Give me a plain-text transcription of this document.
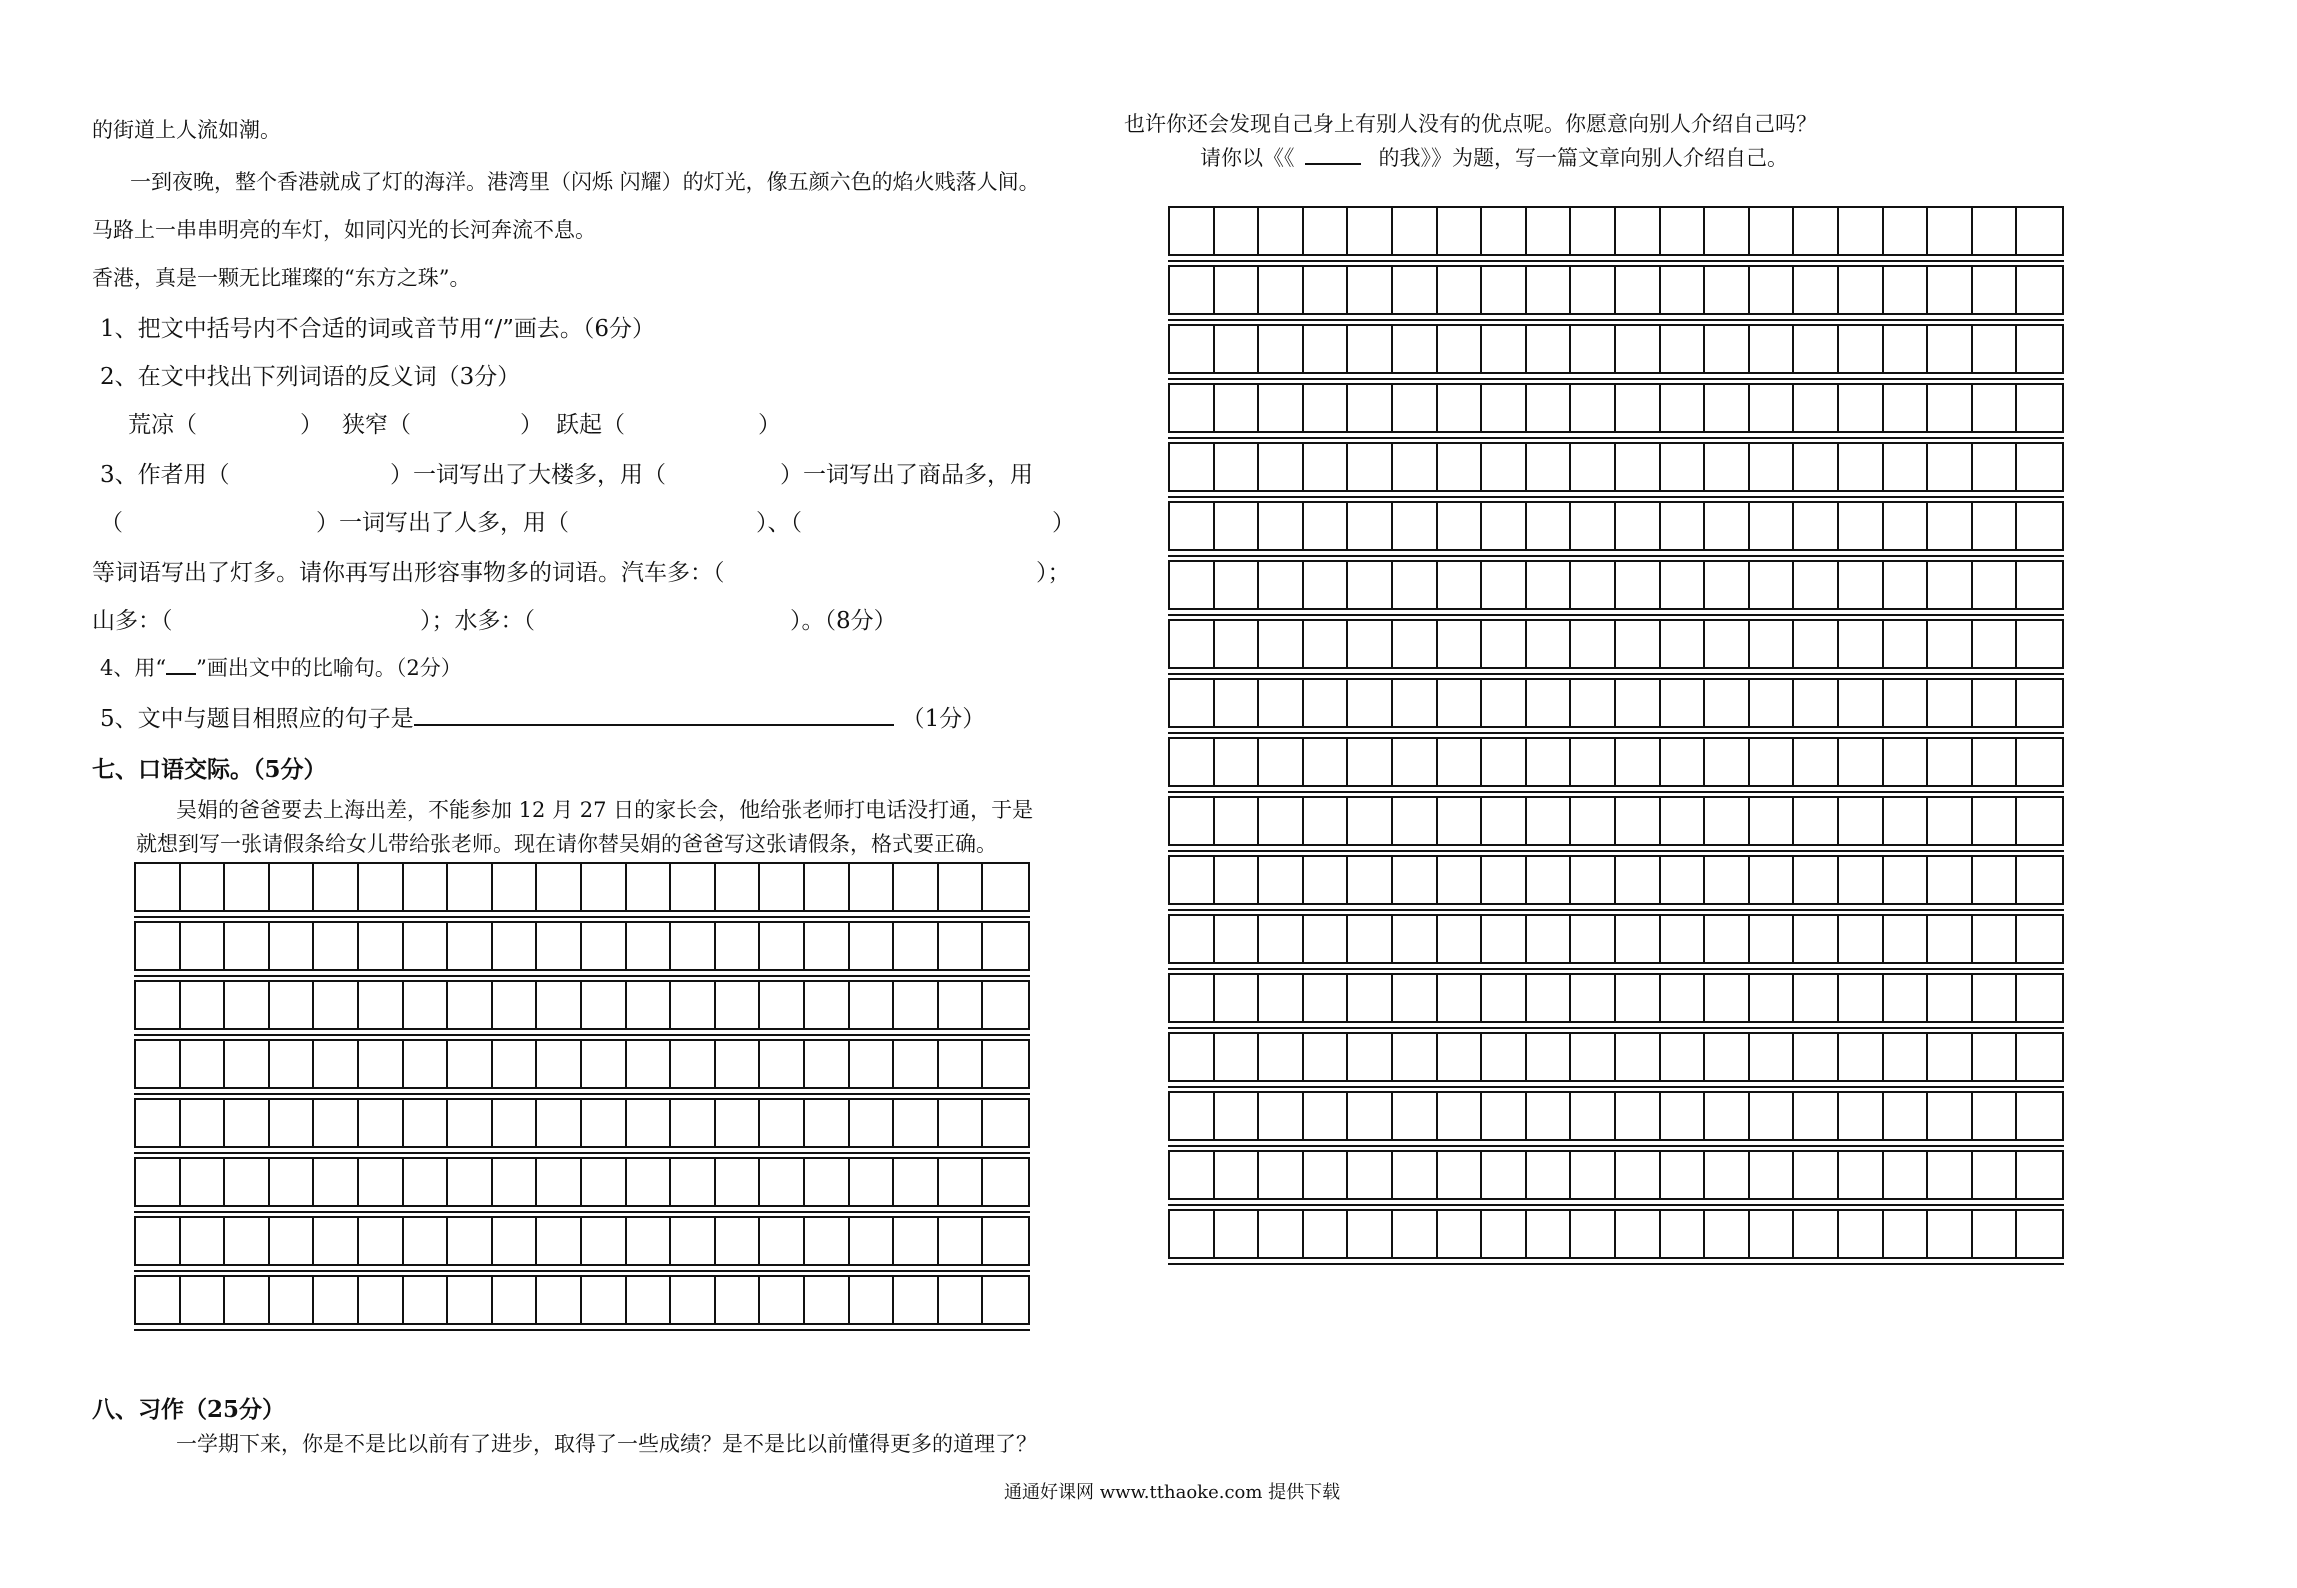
的街道上人流如潮。
一到夜晚，整个香港就成了灯的海洋。港湾里（闪烁 闪耀）的灯光，像五颜六色的焰火贱落人间。
马路上一串串明亮的车灯，如同闪光的长河奔流不息。
香港，真是一颗无比璀璨的“东方之珠”。
1、把文中括号内不合适的词或音节用“/”画去。（6分）
2、在文中找出下列词语的反义词（3分）
荒凉（	） 狭窄（	） 跃起（	）
3、作者用（	）一词写出了大楼多，用（	）一词写出了商品多，用
（	）一词写出了人多，用（	）、（	）
等词语写出了灯多。请你再写出形容事物多的词语。汽车多：（	）；
山多：（	）；水多：（	）。（8分）
4、用“ ”画出文中的比喻句。（2分）
5、文中与题目相照应的句子是	（1分）
七、口语交际。（5分）
吴娟的爸爸要去上海出差，不能参加 12 月 27 日的家长会，他给张老师打电话没打通，于是
就想到写一张请假条给女儿带给张老师。现在请你替吴娟的爸爸写这张请假条，格式要正确。
八、习作（25分）
一学期下来，你是不是比以前有了进步，取得了一些成绩？是不是比以前懂得更多的道理了？
也许你还会发现自己身上有别人没有的优点呢。你愿意向别人介绍自己吗？
请你以《《	的我》》为题，写一篇文章向别人介绍自己。
通通好课网 www.tthaoke.com 提供下载
